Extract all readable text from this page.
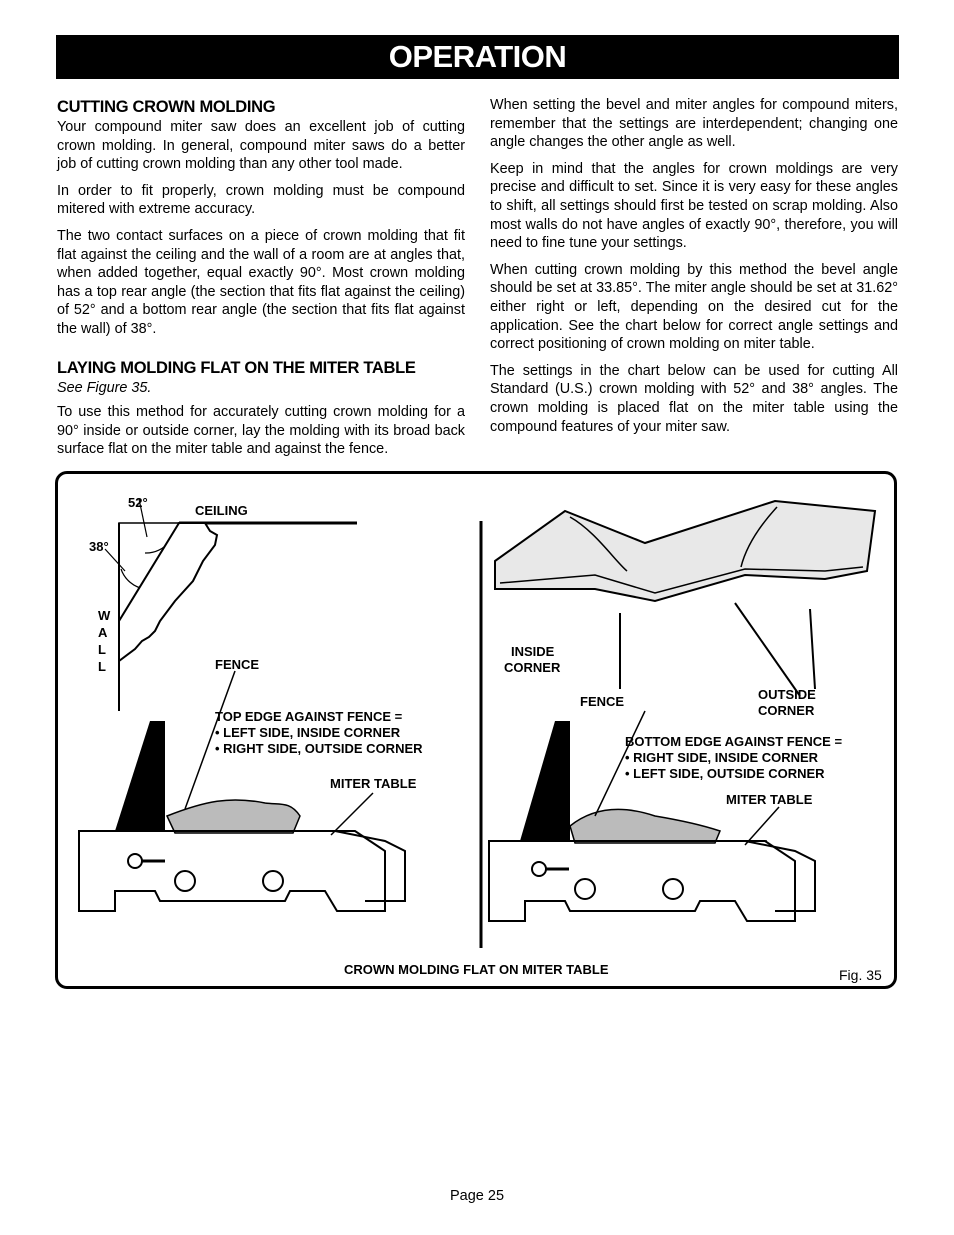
OPERATION
CUTTING CROWN MOLDING

Your compound miter saw does an excellent job of cutting crown molding. In general, compound miter saws do a better job of cutting crown molding than any other tool made.

In order to fit properly, crown molding must be compound mitered with extreme accuracy.

The two contact surfaces on a piece of crown molding that fit flat against the ceiling and the wall of a room are at angles that, when added together, equal exactly 90°. Most crown molding has a top rear angle (the section that fits flat against the ceiling) of 52° and a bottom rear angle (the section that fits flat against the wall) of 38°.

LAYING MOLDING FLAT ON THE MITER TABLE

See Figure 35.

To use this method for accurately cutting crown molding for a 90° inside or outside corner, lay the molding with its broad back surface flat on the miter table and against the fence.

When setting the bevel and miter angles for compound miters, remember that the settings are interdependent; changing one angle changes the other angle as well.

Keep in mind that the angles for crown moldings are very precise and difficult to set. Since it is very easy for these angles to shift, all settings should first be tested on scrap molding. Also most walls do not have angles of exactly 90°, therefore, you will need to fine tune your settings.

When cutting crown molding by this method the bevel angle should be set at 33.85°. The miter angle should be set at 31.62° either right or left, depending on the desired cut for the application. See the chart below for correct angle settings and correct positioning of crown molding on miter table.

The settings in the chart below can be used for cutting All Standard (U.S.) crown molding with 52° and 38° angles. The crown molding is placed flat on the miter table using the compound features of your miter saw.

52°
CEILING
38°
W
A
L
L	FENCE
TOP EDGE AGAINST FENCE =
• LEFT SIDE, INSIDE CORNER
• RIGHT SIDE, OUTSIDE CORNER
MITER TABLE
INSIDE
CORNER
OUTSIDE
CORNER
FENCE
BOTTOM EDGE AGAINST FENCE =
• RIGHT SIDE, INSIDE CORNER
• LEFT SIDE, OUTSIDE CORNER
MITER TABLE
CROWN MOLDING FLAT ON MITER TABLE	Fig. 35
Page 25
